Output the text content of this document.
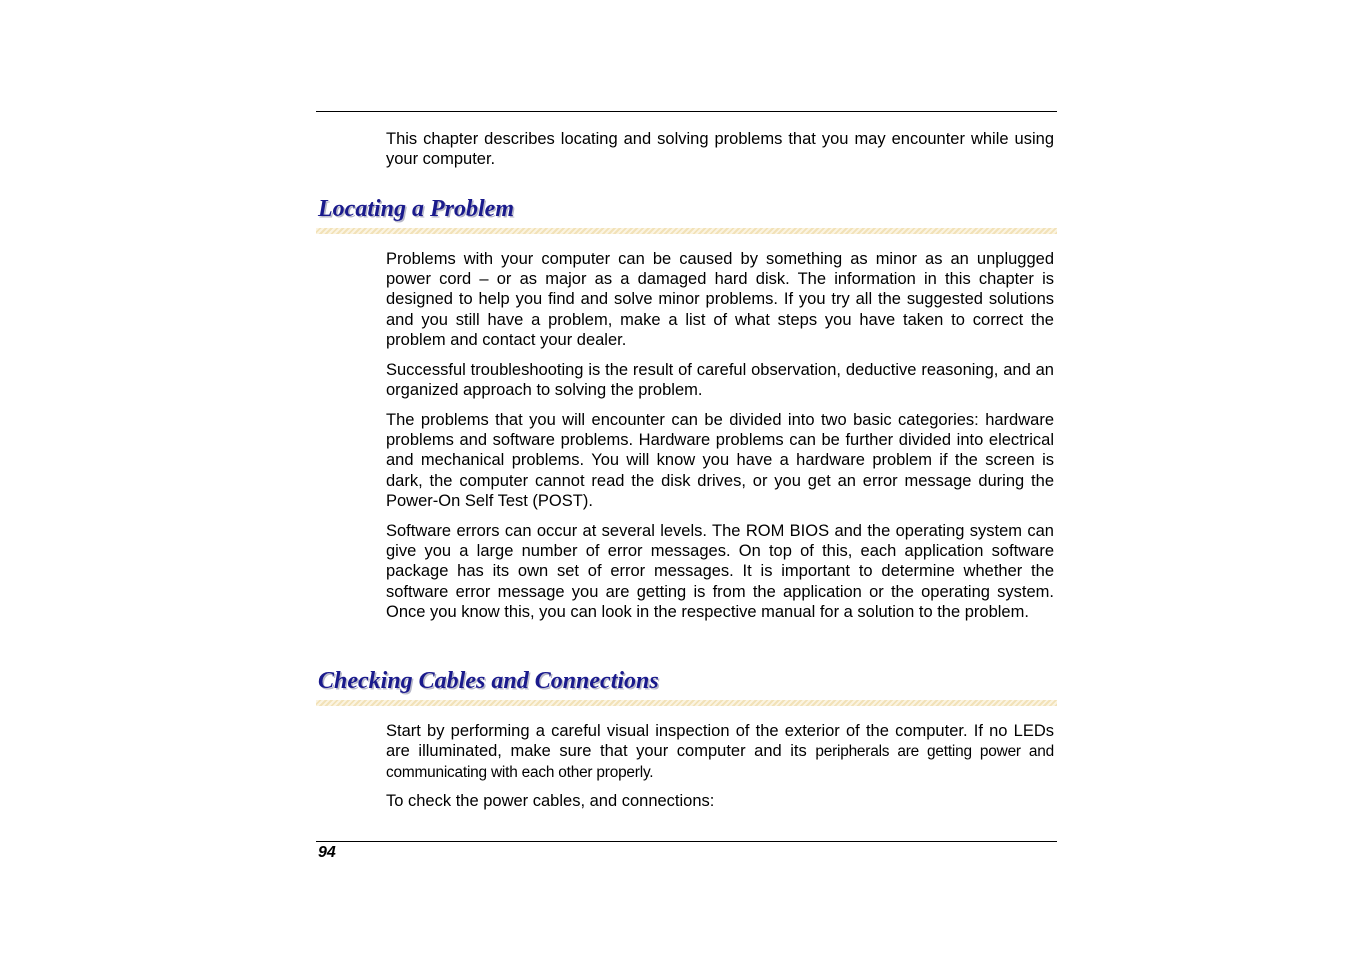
This chapter describes locating and solving problems that you may encounter while using your computer.

Locating a Problem

Problems with your computer can be caused by something as minor as an unplugged power cord – or as major as a damaged hard disk. The information in this chapter is designed to help you find and solve minor problems. If you try all the suggested solutions and you still have a problem, make a list of what steps you have taken to correct the problem and contact your dealer.

Successful troubleshooting is the result of careful observation, deductive reasoning, and an organized approach to solving the problem.

The problems that you will encounter can be divided into two basic categories: hardware problems and software problems. Hardware problems can be further divided into electrical and mechanical problems. You will know you have a hardware problem if the screen is dark, the computer cannot read the disk drives, or you get an error message during the Power-On Self Test (POST).

Software errors can occur at several levels. The ROM BIOS and the operating system can give you a large number of error messages. On top of this, each application software package has its own set of error messages. It is important to determine whether the software error message you are getting is from the application or the operating system. Once you know this, you can look in the respective manual for a solution to the problem.

Checking Cables and Connections

Start by performing a careful visual inspection of the exterior of the computer. If no LEDs are illuminated, make sure that your computer and its peripherals are getting power and communicating with each other properly.

To check the power cables, and connections:

94
